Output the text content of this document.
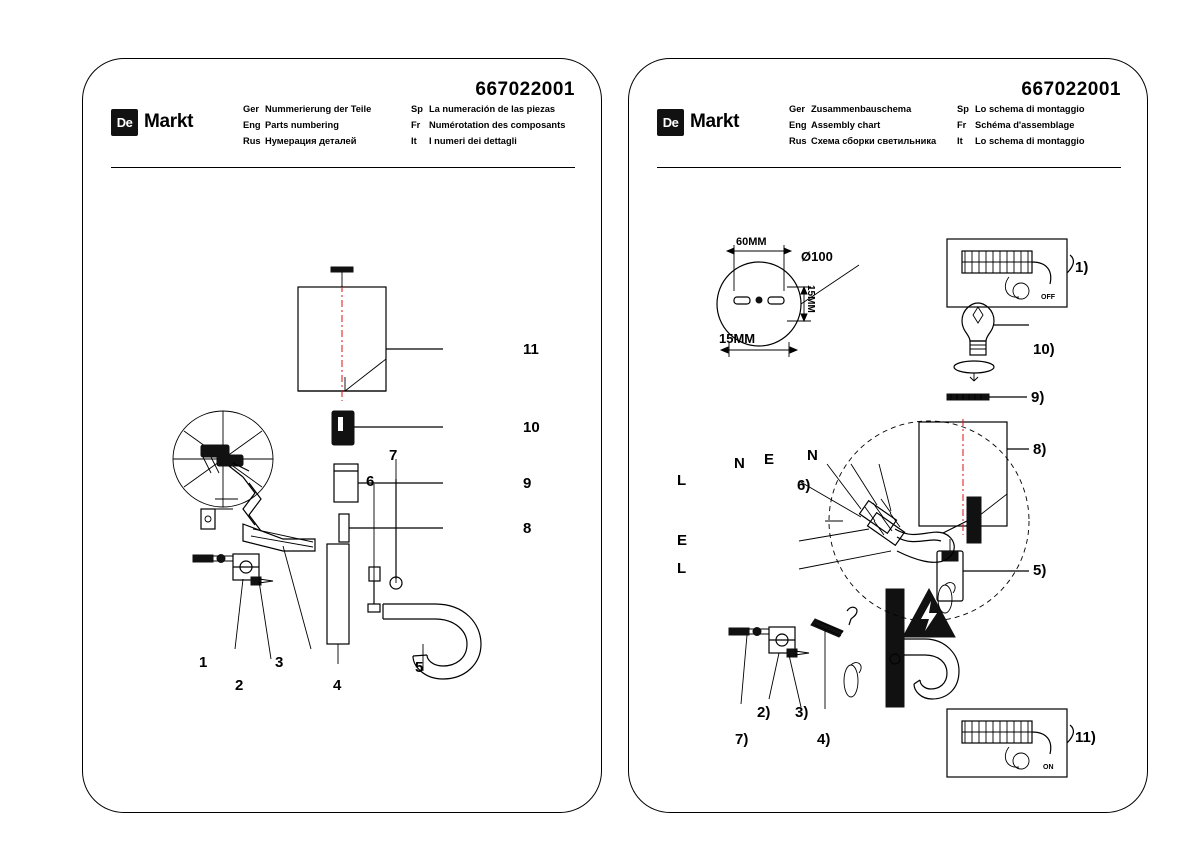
667022001
De Markt
Ger Nummerierung der Teile	Sp La numeración de las piezas
Eng Parts numbering	Fr Numérotation des composants
Rus Нумерация деталей	It	I numeri dei dettagli
11
10
9
8
7
6
5
4
3
2
1
667022001
De Markt
Ger Zusammenbauschema	Sp Lo schema di montaggio
Eng Assembly chart	Fr Schéma d'assemblage
Rus Схема сборки светильника	It	Lo schema di montaggio
OFF
ON
60MM
Ø100
15MM
15MM
1)
10)
9)
8)
6)
5)
2) 3)
7)	4)	11)
N E N
L
E
L
